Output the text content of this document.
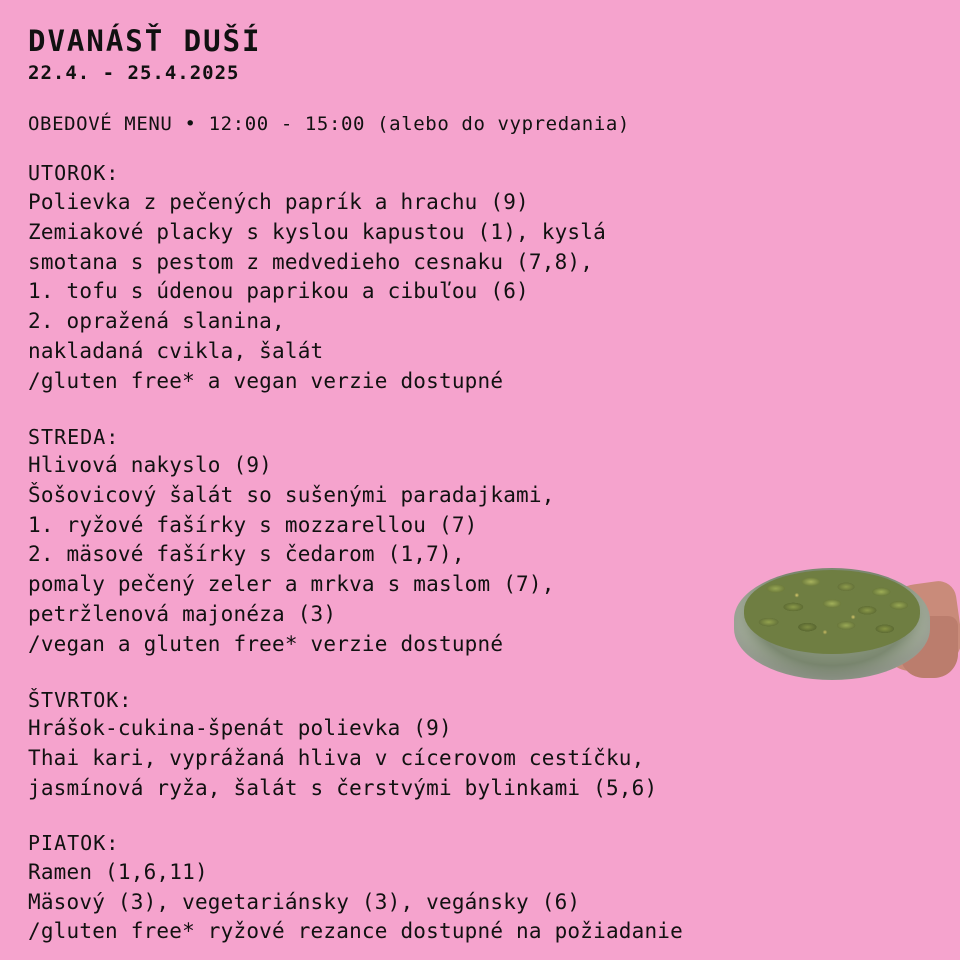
DVANÁSŤ DUŠÍ
22.4. - 25.4.2025
OBEDOVÉ MENU • 12:00 - 15:00 (alebo do vypredania)
UTOROK:
Polievka z pečených paprík a hrachu (9)
Zemiakové placky s kyslou kapustou (1), kyslá
smotana s pestom z medvedieho cesnaku (7,8),
1. tofu s údenou paprikou a cibuľou (6)
2. opražená slanina,
nakladaná cvikla, šalát
/gluten free* a vegan verzie dostupné
STREDA:
Hlivová nakyslo (9)
Šošovicový šalát so sušenými paradajkami,
1. ryžové fašírky s mozzarellou (7)
2. mäsové fašírky s čedarom (1,7),
pomaly pečený zeler a mrkva s maslom (7),
petržlenová majonéza (3)
/vegan a gluten free* verzie dostupné
ŠTVRTOK:
Hrášok-cukina-špenát polievka (9)
Thai kari, vyprážaná hliva v cícerovom cestíčku,
jasmínová ryža, šalát s čerstvými bylinkami (5,6)
PIATOK:
Ramen (1,6,11)
Mäsový (3), vegetariánsky (3), vegánsky (6)
/gluten free* ryžové rezance dostupné na požiadanie
